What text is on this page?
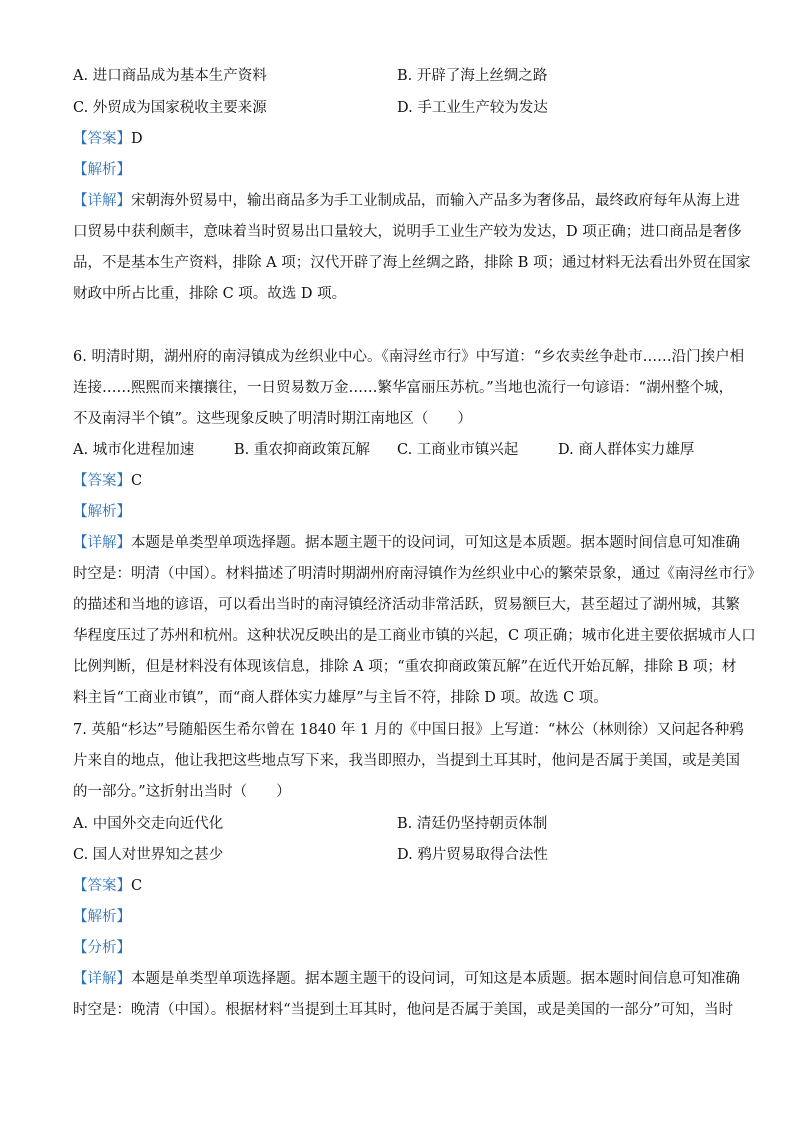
A. 进口商品成为基本生产资料	B. 开辟了海上丝绸之路
C. 外贸成为国家税收主要来源	D. 手工业生产较为发达
【答案】D
【解析】
【详解】宋朝海外贸易中，输出商品多为手工业制成品，而输入产品多为奢侈品，最终政府每年从海上进
口贸易中获利颇丰，意味着当时贸易出口量较大，说明手工业生产较为发达，D 项正确；进口商品是奢侈
品，不是基本生产资料，排除 A 项；汉代开辟了海上丝绸之路，排除 B 项；通过材料无法看出外贸在国家
财政中所占比重，排除 C 项。故选 D 项。
6. 明清时期，湖州府的南浔镇成为丝织业中心。《南浔丝市行》中写道：“乡农卖丝争赴市……沿门挨户相
连接……熙熙而来攘攘往，一日贸易数万金……繁华富丽压苏杭。”当地也流行一句谚语：“湖州整个城，
不及南浔半个镇”。这些现象反映了明清时期江南地区（　　）
A. 城市化进程加速	B. 重农抑商政策瓦解 C. 工商业市镇兴起	D. 商人群体实力雄厚
【答案】C
【解析】
【详解】本题是单类型单项选择题。据本题主题干的设问词，可知这是本质题。据本题时间信息可知准确
时空是：明清（中国）。材料描述了明清时期湖州府南浔镇作为丝织业中心的繁荣景象，通过《南浔丝市行》
的描述和当地的谚语，可以看出当时的南浔镇经济活动非常活跃，贸易额巨大，甚至超过了湖州城，其繁
华程度压过了苏州和杭州。这种状况反映出的是工商业市镇的兴起，C 项正确；城市化进主要依据城市人口
比例判断，但是材料没有体现该信息，排除 A 项；“重农抑商政策瓦解”在近代开始瓦解，排除 B 项；材
料主旨“工商业市镇”，而“商人群体实力雄厚”与主旨不符，排除 D 项。故选 C 项。
7. 英船“杉达”号随船医生希尔曾在 1840 年 1 月的《中国日报》上写道：“林公（林则徐）又问起各种鸦
片来自的地点，他让我把这些地点写下来，我当即照办，当提到土耳其时，他问是否属于美国，或是美国
的一部分。”这折射出当时（　　）
A. 中国外交走向近代化	B. 清廷仍坚持朝贡体制
C. 国人对世界知之甚少	D. 鸦片贸易取得合法性
【答案】C
【解析】
【分析】
【详解】本题是单类型单项选择题。据本题主题干的设问词，可知这是本质题。据本题时间信息可知准确
时空是：晚清（中国）。根据材料“当提到土耳其时，他问是否属于美国，或是美国的一部分”可知，当时
